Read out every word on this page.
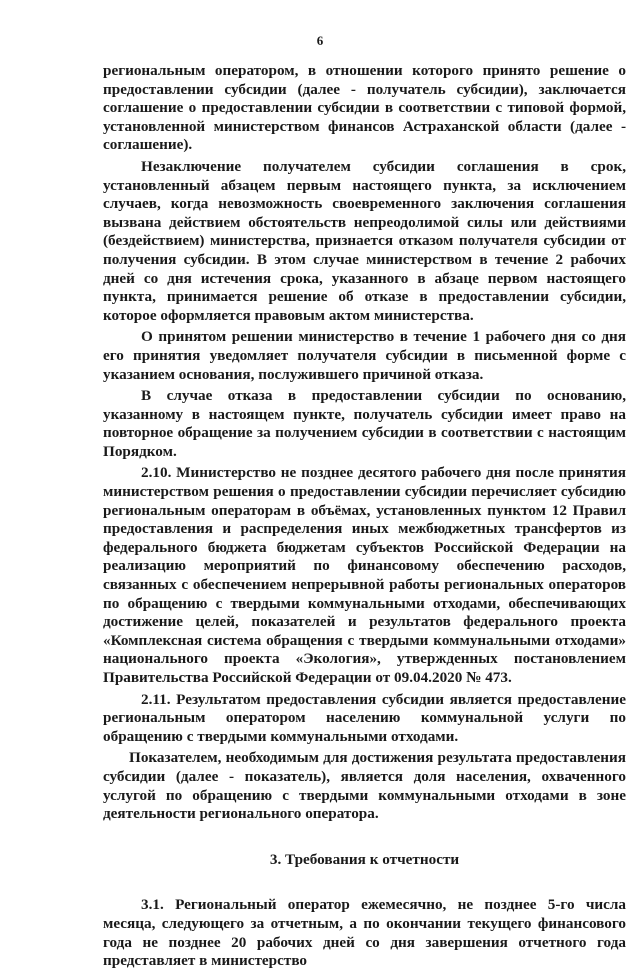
6

региональным оператором, в отношении которого принято решение о предоставлении субсидии (далее - получатель субсидии), заключается соглашение о предоставлении субсидии в соответствии с типовой формой, установленной министерством финансов Астраханской области (далее - соглашение).

Незаключение получателем субсидии соглашения в срок, установленный абзацем первым настоящего пункта, за исключением случаев, когда невозможность своевременного заключения соглашения вызвана действием обстоятельств непреодолимой силы или действиями (бездействием) министерства, признается отказом получателя субсидии от получения субсидии. В этом случае министерством в течение 2 рабочих дней со дня истечения срока, указанного в абзаце первом настоящего пункта, принимается решение об отказе в предоставлении субсидии, которое оформляется правовым актом министерства.

О принятом решении министерство в течение 1 рабочего дня со дня его принятия уведомляет получателя субсидии в письменной форме с указанием основания, послужившего причиной отказа.

В случае отказа в предоставлении субсидии по основанию, указанному в настоящем пункте, получатель субсидии имеет право на повторное обращение за получением субсидии в соответствии с настоящим Порядком.

2.10. Министерство не позднее десятого рабочего дня после принятия министерством решения о предоставлении субсидии перечисляет субсидию региональным операторам в объёмах, установленных пунктом 12 Правил предоставления и распределения иных межбюджетных трансфертов из федерального бюджета бюджетам субъектов Российской Федерации на реализацию мероприятий по финансовому обеспечению расходов, связанных с обеспечением непрерывной работы региональных операторов по обращению с твердыми коммунальными отходами, обеспечивающих достижение целей, показателей и результатов федерального проекта «Комплексная система обращения с твердыми коммунальными отходами» национального проекта «Экология», утвержденных постановлением Правительства Российской Федерации от 09.04.2020 № 473.

2.11. Результатом предоставления субсидии является предоставление региональным оператором населению коммунальной услуги по обращению с твердыми коммунальными отходами.

Показателем, необходимым для достижения результата предоставления субсидии (далее - показатель), является доля населения, охваченного услугой по обращению с твердыми коммунальными отходами в зоне деятельности регионального оператора.

3. Требования к отчетности

3.1. Региональный оператор ежемесячно, не позднее 5-го числа месяца, следующего за отчетным, а по окончании текущего финансового года не позднее 20 рабочих дней со дня завершения отчетного года представляет в министерство
